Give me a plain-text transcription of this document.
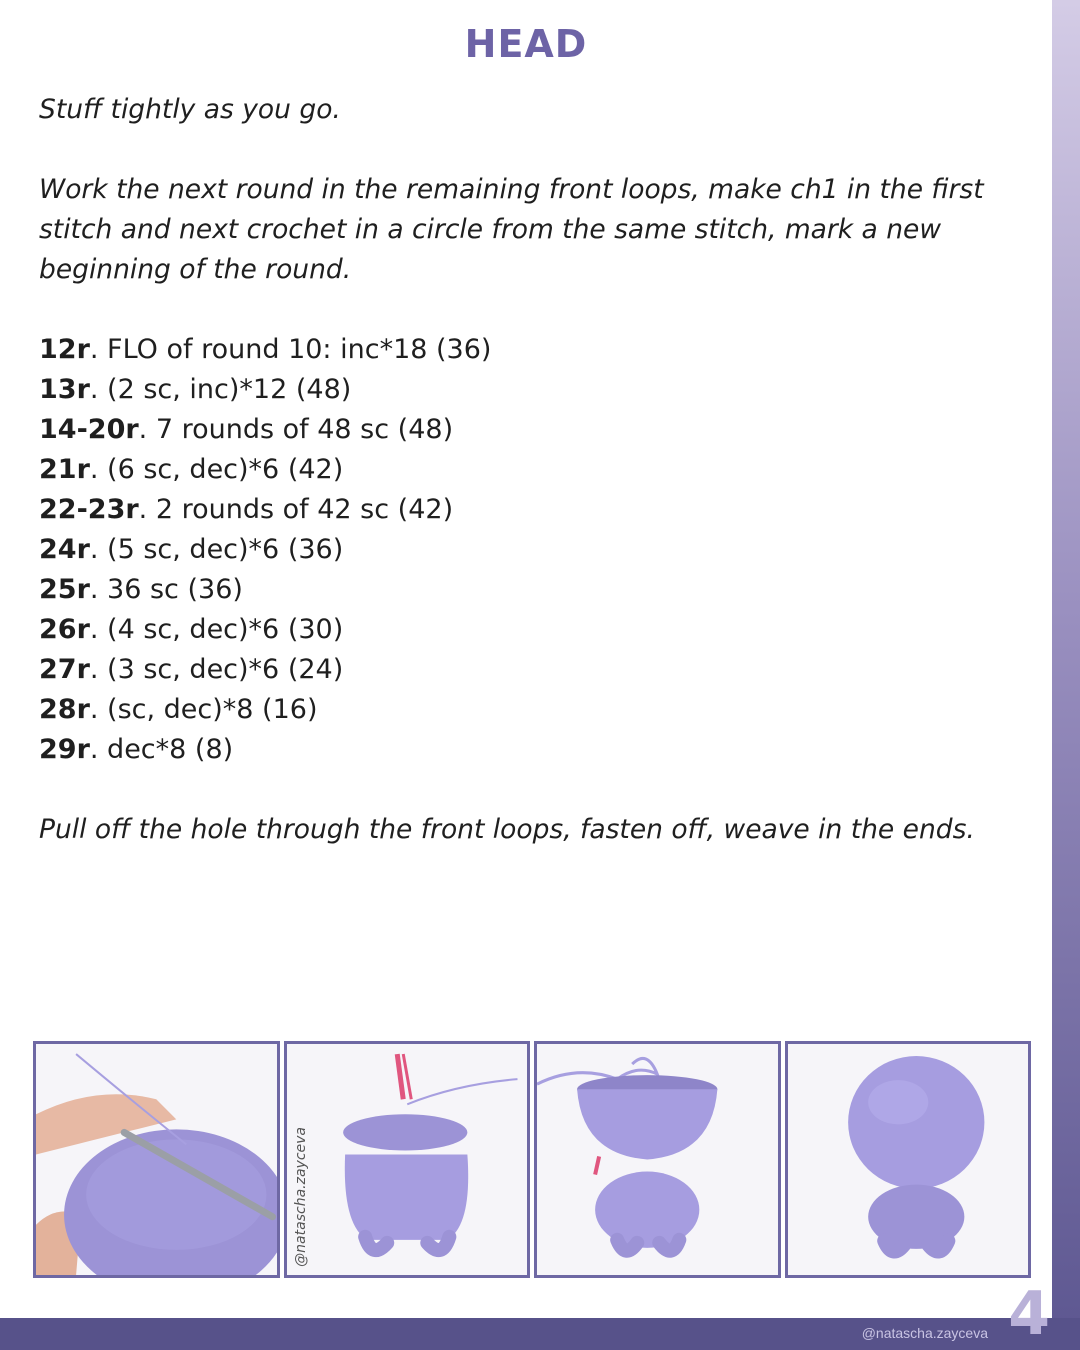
HEAD

Stuff tightly as you go.

Work the next round in the remaining front loops, make ch1 in the first stitch and next crochet in a circle from the same stitch, mark a new beginning of the round.

12r. FLO of round 10: inc*18 (36)
13r. (2 sc, inc)*12 (48)
14-20r. 7 rounds of 48 sc (48)
21r. (6 sc, dec)*6 (42)
22-23r. 2 rounds of 42 sc (42)
24r. (5 sc, dec)*6 (36)
25r. 36 sc (36)
26r. (4 sc, dec)*6 (30)
27r. (3 sc, dec)*6 (24)
28r. (sc, dec)*8 (16)
29r. dec*8 (8)

Pull off the hole through the front loops, fasten off, weave in the ends.

@natascha.zayceva
@natascha.zayceva 4
